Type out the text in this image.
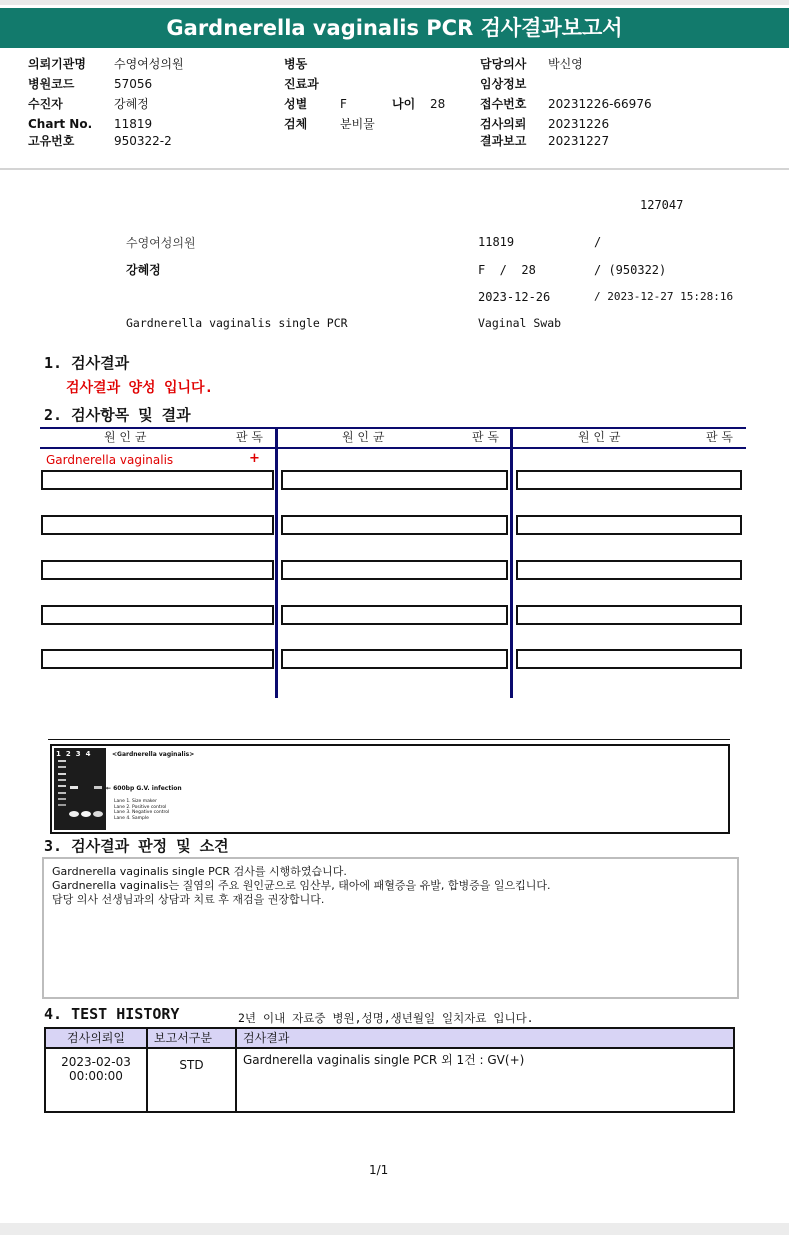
Gardnerella vaginalis PCR 검사결과보고서
의뢰기관명	수영여성의원
병원코드	57056
수진자	강혜정
Chart No.	11819
고유번호	950322-2
병동
진료과
성별	F	나이	28
검체	분비물
담당의사	박신영
임상정보
접수번호	20231226-66976
검사의뢰	20231226
결과보고	20231227
127047
수영여성의원	11819	/
강혜정	F  /  28	/ (950322)
2023-12-26	/ 2023-12-27 15:28:16
Gardnerella vaginalis single PCR	Vaginal Swab
1. 검사결과
검사결과 양성 입니다.
2. 검사항목 및 결과
원 인 균	판 독	원 인 균	판 독	원 인 균	판 독
Gardnerella vaginalis	+
1 2 3 4	<Gardnerella vaginalis>
← 600bp G.V. infection
Lane 1. Size maker
Lane 2. Positive control
Lane 3. Negative control
Lane 4. Sample
3. 검사결과 판정 및 소견
Gardnerella vaginalis single PCR 검사를 시행하였습니다.
Gardnerella vaginalis는 질염의 주요 원인균으로 임산부, 태아에 패혈증을 유발, 합병증을 일으킵니다.
담당 의사 선생님과의 상담과 치료 후 재검을 권장합니다.
4. TEST HISTORY	2년 이내 자료중 병원,성명,생년월일 일치자료 입니다.
검사의뢰일	보고서구분	검사결과

2023-02-03
00:00:00	STD	Gardnerella vaginalis single PCR 외 1건 : GV(+)
1/1
